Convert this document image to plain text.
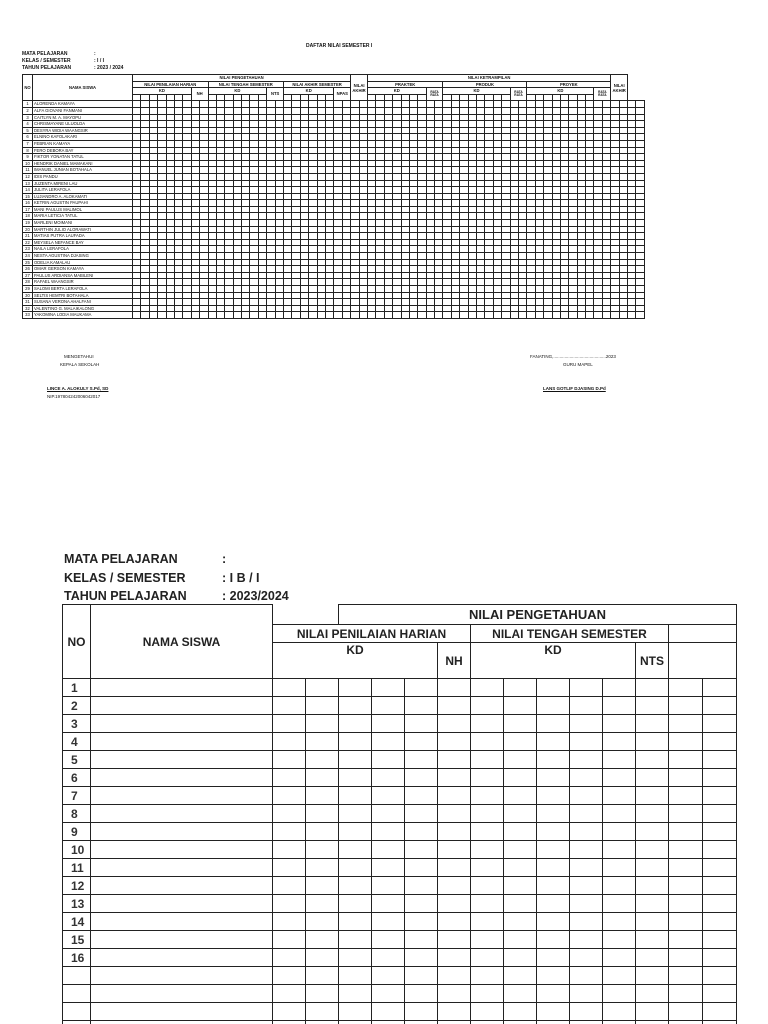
DAFTAR NILAI SEMESTER I
MATA PELAJARAN	:
KELAS / SEMESTER	: I / I
TAHUN PELAJARAN	: 2023 / 2024
NO	NAMA SISWA	NILAI PENGETAHUAN																										NILAI AKHIR		NILAI KETRAMPILAN																													NILAI AKHIR			
		NILAI PENILAIAN HARIAN									NILAI TENGAH SEMESTER									NILAI AKHIR SEMESTER										PRAKTEK									PRODUK										PROYEK													
		KD							NH		KD							NTS		KD						NPAS				KD							RATA RATA		KD								RATA RATA		KD								RATA RATA					

1	ALORENDA KAMAYA																																																													
2	ALFA GIOVANI FANMANI																																																													
3	CAITLYN M. A. MAYOPU																																																													
4	CHRISMAYANE ULUOLDA																																																													
5	DESYRA WIDIA WAANGSIR																																																													
6	ELNINO KAFOLAKARI																																																													
7	FEBRIAN KAMAYA																																																													
8	FERO DEBORA BAY																																																													
9	FIKTOR YONATAN TATUL																																																													
10	HENDRIK DANIEL MAMAKANI																																																													
11	IMANUEL JUNIAN BOTAHALA																																																													
12	IDIS PANDU																																																													
13	JUZENTA MIRENI LAU																																																													
14	JULITA LERAFOLA																																																													
15	LUJIANDRO A. ALOKAMATI																																																													
16	KETRIN AGUSTIN PAUPAHI																																																													
17	MANI PAULUS MALIMOL																																																													
18	MARIA LETICIA TATUL																																																													
19	MARLENI MOIMANI																																																													
20	MARTHIN JULIO ALORAWATI																																																													
21	MATIAS PUTRA LAUFADA																																																													
22	MEYSELA NEFANCE BAY																																																													
23	NAILA LERAFOLA																																																													
24	NESTA AGUSTINA DJASING																																																													
25	ODELIA KAMALAU																																																													
26	OMAR GERSON KAMAYA																																																													
27	PAULUS ARDIANSA MABILENI																																																													
28	RAFAEL WAANGSIR																																																													
29	SALOMI BERTA LERAFOLA																																																													
30	SELTIS HEMTRI BOTAHALA																																																													
31	SUSANA VERONA AHALFANI																																																													
32	VALENTINO G. MALAIKALONG																																																													
33	YAKOMINA LODIA MAUKAMA																																																													
MENGETAHUI
KEPALA SEKOLAH
LINCE A. ALOKULY S.Pd, SD
NIP.197804242006042017
FANATING,..........................................2023
GURU MAPEL
LANS GOTLIF DJASING D.Pd
MATA PELAJARAN	:
KELAS / SEMESTER	: I B / I
TAHUN PELAJARAN	: 2023/2024
NO	NAMA SISWA			NILAI PENGETAHUAN											
		NILAI PENILAIAN HARIAN						NILAI TENGAH SEMESTER							
		KD					NH	KD					NTS		
1															
2															
3															
4															
5															
6															
7															
8															
9															
10															
11															
12															
13															
14															
15															
16															
